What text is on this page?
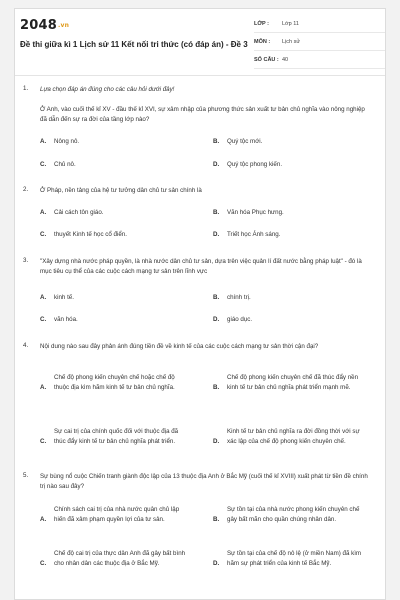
2048.vn
Đề thi giữa kì 1 Lịch sử 11 Kết nối tri thức (có đáp án) - Đề 3
LỚP :	Lớp 11
MÔN :	Lịch sử
SỐ CÂU : 40
1. Lựa chọn đáp án đúng cho các câu hỏi dưới đây!
Ở Anh, vào cuối thế kỉ XV - đầu thế kỉ XVI, sự xâm nhập của phương thức sản xuất tư bản chủ nghĩa vào nông nghiệp đã dẫn đến sự ra đời của tầng lớp nào?
A. Nông nô.	B. Quý tộc mới.
C. Chủ nô.	D. Quý tộc phong kiến.
2. Ở Pháp, nền tảng của hệ tư tưởng dân chủ tư sản chính là
A. Cải cách tôn giáo.	B. Văn hóa Phục hưng.
C. thuyết Kinh tế học cổ điển.	D. Triết học Ánh sáng.
3. "Xây dựng nhà nước pháp quyền, là nhà nước dân chủ tư sản, dựa trên việc quản lí đất nước bằng pháp luật" - đó là mục tiêu cụ thể của các cuộc cách mạng tư sản trên lĩnh vực
A. kinh tế.	B. chính trị.
C. văn hóa.	D. giáo dục.
4. Nội dung nào sau đây phản ánh đúng tiền đề về kinh tế của các cuộc cách mạng tư sản thời cận đại?
A.
Chế độ phong kiến chuyên chế hoặc chế độ thuộc địa kìm hãm kinh tế tư bản chủ nghĩa.	B.
Chế độ phong kiến chuyên chế đã thúc đẩy nền kinh tế tư bản chủ nghĩa phát triển mạnh mẽ.
C.
Sự cai trị của chính quốc đối với thuộc địa đã thúc đẩy kinh tế tư bản chủ nghĩa phát triển.	D.
Kinh tế tư bản chủ nghĩa ra đời đồng thời với sự xác lập của chế độ phong kiến chuyên chế.
5. Sự bùng nổ cuộc Chiến tranh giành độc lập của 13 thuộc địa Anh ở Bắc Mỹ (cuối thế kỉ XVIII) xuất phát từ tiền đề chính trị nào sau đây?
A.
Chính sách cai trị của nhà nước quân chủ lập hiến đã xâm phạm quyền lợi của tư sản.	B.
Sự tồn tại của nhà nước phong kiến chuyên chế gây bất mãn cho quần chúng nhân dân.
C.
Chế độ cai trị của thực dân Anh đã gây bất bình cho nhân dân các thuộc địa ở Bắc Mỹ.	D.
Sự tồn tại của chế độ nô lệ (ở miền Nam) đã kìm hãm sự phát triển của kinh tế Bắc Mỹ.
